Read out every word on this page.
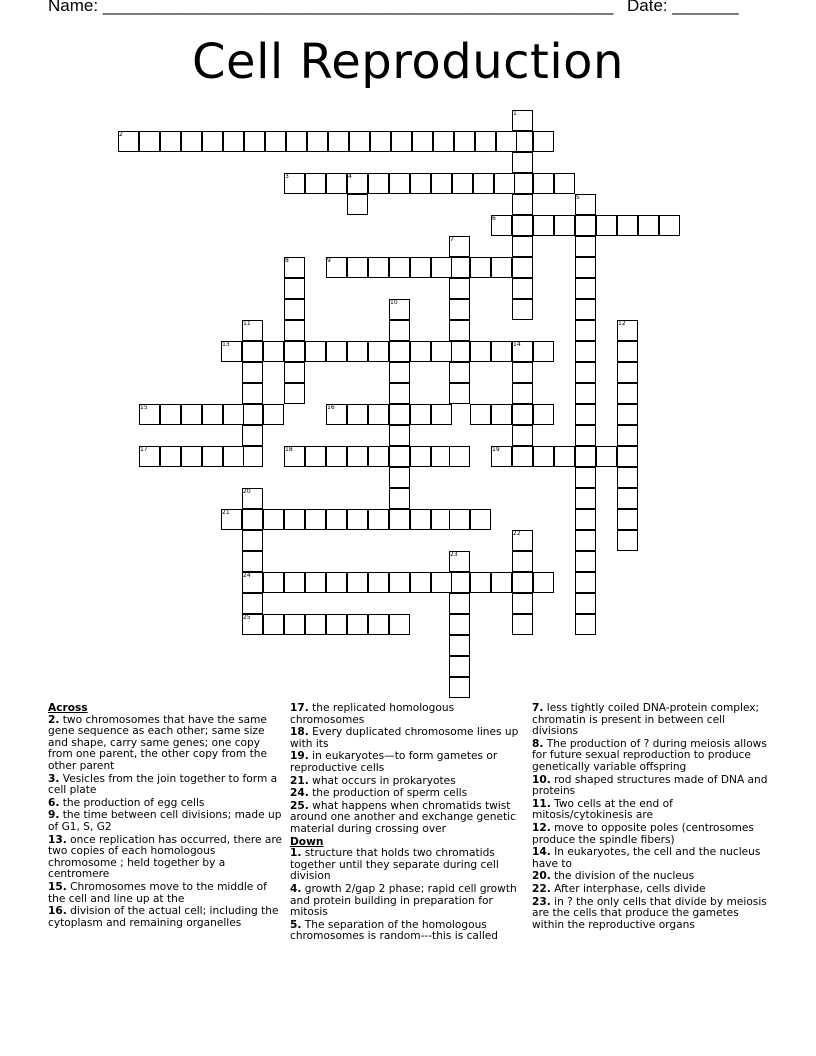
Name: ______________________________________________________ Date: _______
Cell Reproduction
1
2
3	4
5
6
7
8	9
10
11	12
13	14
15	16
17	18	19
20
21
22
23
24
25
Across
2. two chromosomes that have the same gene sequence as each other; same size and shape, carry same genes; one copy from one parent, the other copy from the other parent
3. Vesicles from the join together to form a cell plate
6. the production of egg cells
9. the time between cell divisions; made up of G1, S, G2
13. once replication has occurred, there are two copies of each homologous chromosome ; held together by a centromere
15. Chromosomes move to the middle of the cell and line up at the
16. division of the actual cell; including the cytoplasm and remaining organelles
17. the replicated homologous chromosomes
18. Every duplicated chromosome lines up with its
19. in eukaryotes—to form gametes or reproductive cells
21. what occurs in prokaryotes
24. the production of sperm cells
25. what happens when chromatids twist around one another and exchange genetic material during crossing over
Down
1. structure that holds two chromatids together until they separate during cell division
4. growth 2/gap 2 phase; rapid cell growth and protein building in preparation for mitosis
5. The separation of the homologous chromosomes is random---this is called
7. less tightly coiled DNA-protein complex; chromatin is present in between cell divisions
8. The production of ? during meiosis allows for future sexual reproduction to produce genetically variable offspring
10. rod shaped structures made of DNA and proteins
11. Two cells at the end of mitosis/cytokinesis are
12. move to opposite poles (centrosomes produce the spindle fibers)
14. In eukaryotes, the cell and the nucleus have to
20. the division of the nucleus
22. After interphase, cells divide
23. in ? the only cells that divide by meiosis are the cells that produce the gametes within the reproductive organs
